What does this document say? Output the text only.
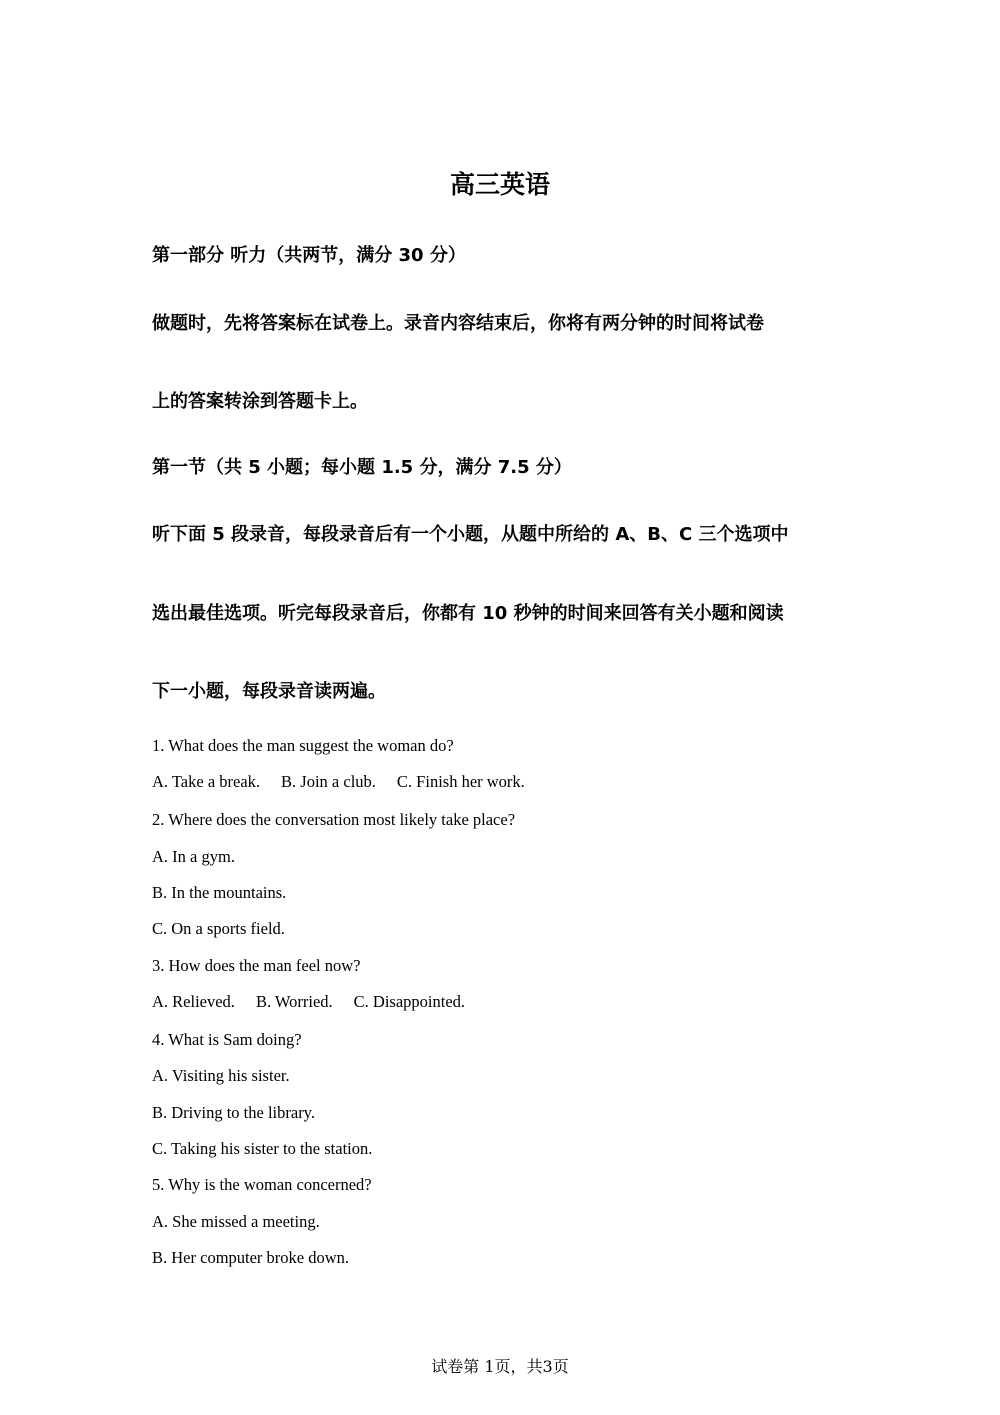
高三英语
第一部分 听力（共两节，满分 30 分）
做题时，先将答案标在试卷上。录音内容结束后，你将有两分钟的时间将试卷
上的答案转涂到答题卡上。
第一节（共 5 小题；每小题 1.5 分，满分 7.5 分）
听下面 5 段录音，每段录音后有一个小题，从题中所给的 A、B、C 三个选项中
选出最佳选项。听完每段录音后，你都有 10 秒钟的时间来回答有关小题和阅读
下一小题，每段录音读两遍。
1. What does the man suggest the woman do?
A. Take a break. B. Join a club. C. Finish her work.
2. Where does the conversation most likely take place?
A. In a gym.
B. In the mountains.
C. On a sports field.
3. How does the man feel now?
A. Relieved. B. Worried. C. Disappointed.
4. What is Sam doing?
A. Visiting his sister.
B. Driving to the library.
C. Taking his sister to the station.
5. Why is the woman concerned?
A. She missed a meeting.
B. Her computer broke down.
试卷第 1页，共3页
